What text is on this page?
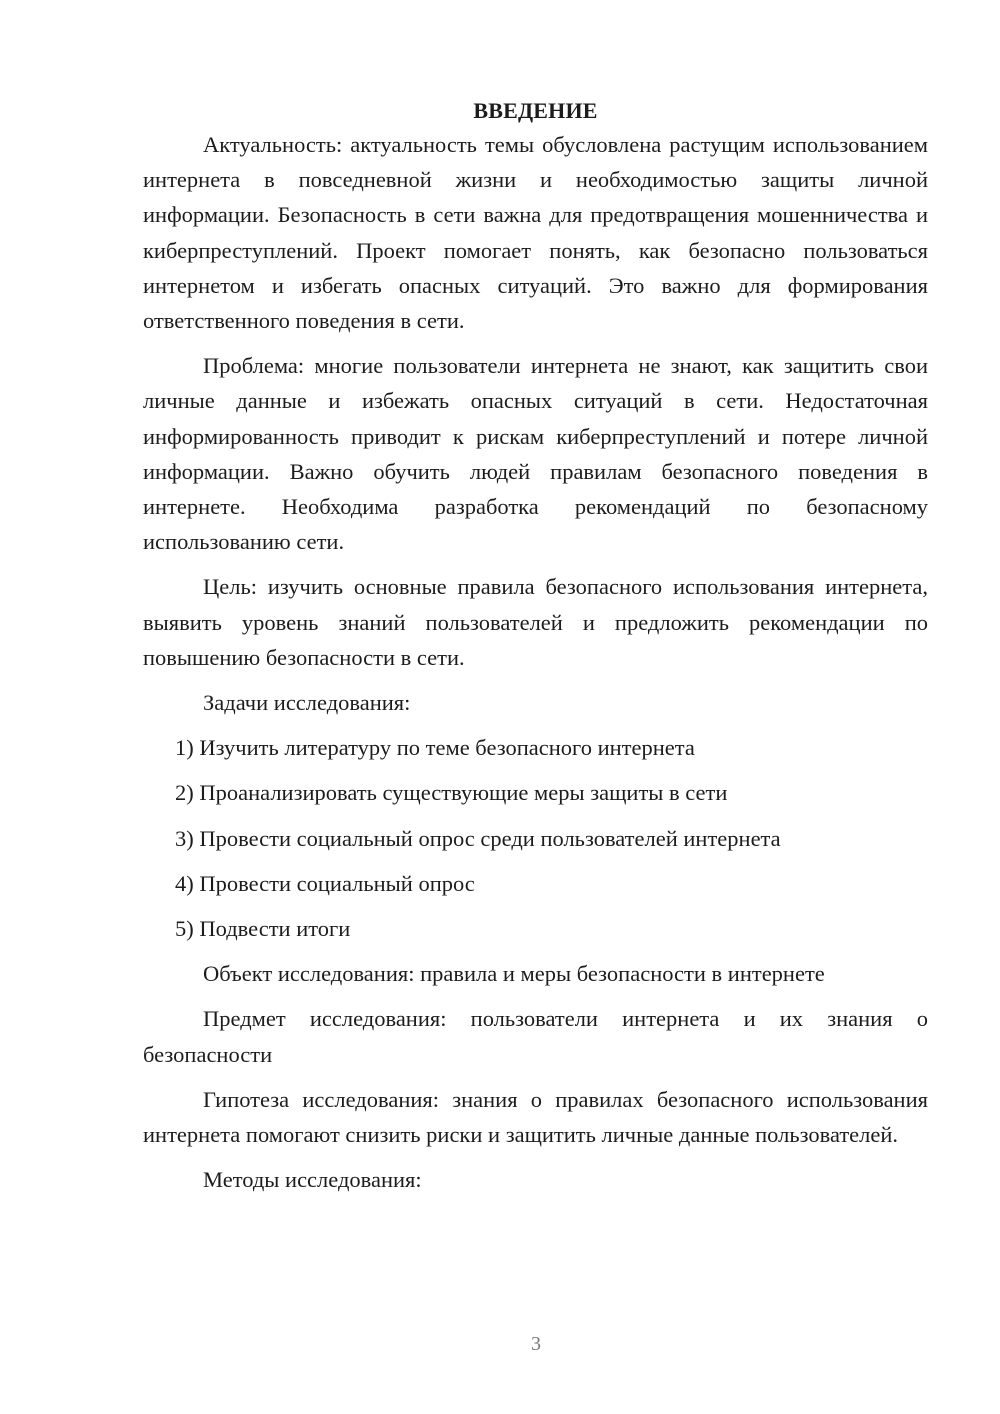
ВВЕДЕНИЕ

Актуальность: актуальность темы обусловлена растущим использованием интернета в повседневной жизни и необходимостью защиты личной информации. Безопасность в сети важна для предотвращения мошенничества и киберпреступлений. Проект помогает понять, как безопасно пользоваться интернетом и избегать опасных ситуаций. Это важно для формирования ответственного поведения в сети.

Проблема: многие пользователи интернета не знают, как защитить свои личные данные и избежать опасных ситуаций в сети. Недостаточная информированность приводит к рискам киберпреступлений и потере личной информации. Важно обучить людей правилам безопасного поведения в интернете. Необходима разработка рекомендаций по безопасному использованию сети.

Цель: изучить основные правила безопасного использования интернета, выявить уровень знаний пользователей и предложить рекомендации по повышению безопасности в сети.

Задачи исследования:

1) Изучить литературу по теме безопасного интернета
2) Проанализировать существующие меры защиты в сети
3) Провести социальный опрос среди пользователей интернета
4) Провести социальный опрос
5) Подвести итоги

Объект исследования: правила и меры безопасности в интернете

Предмет исследования: пользователи интернета и их знания о безопасности

Гипотеза исследования: знания о правилах безопасного использования интернета помогают снизить риски и защитить личные данные пользователей.

Методы исследования:

3
